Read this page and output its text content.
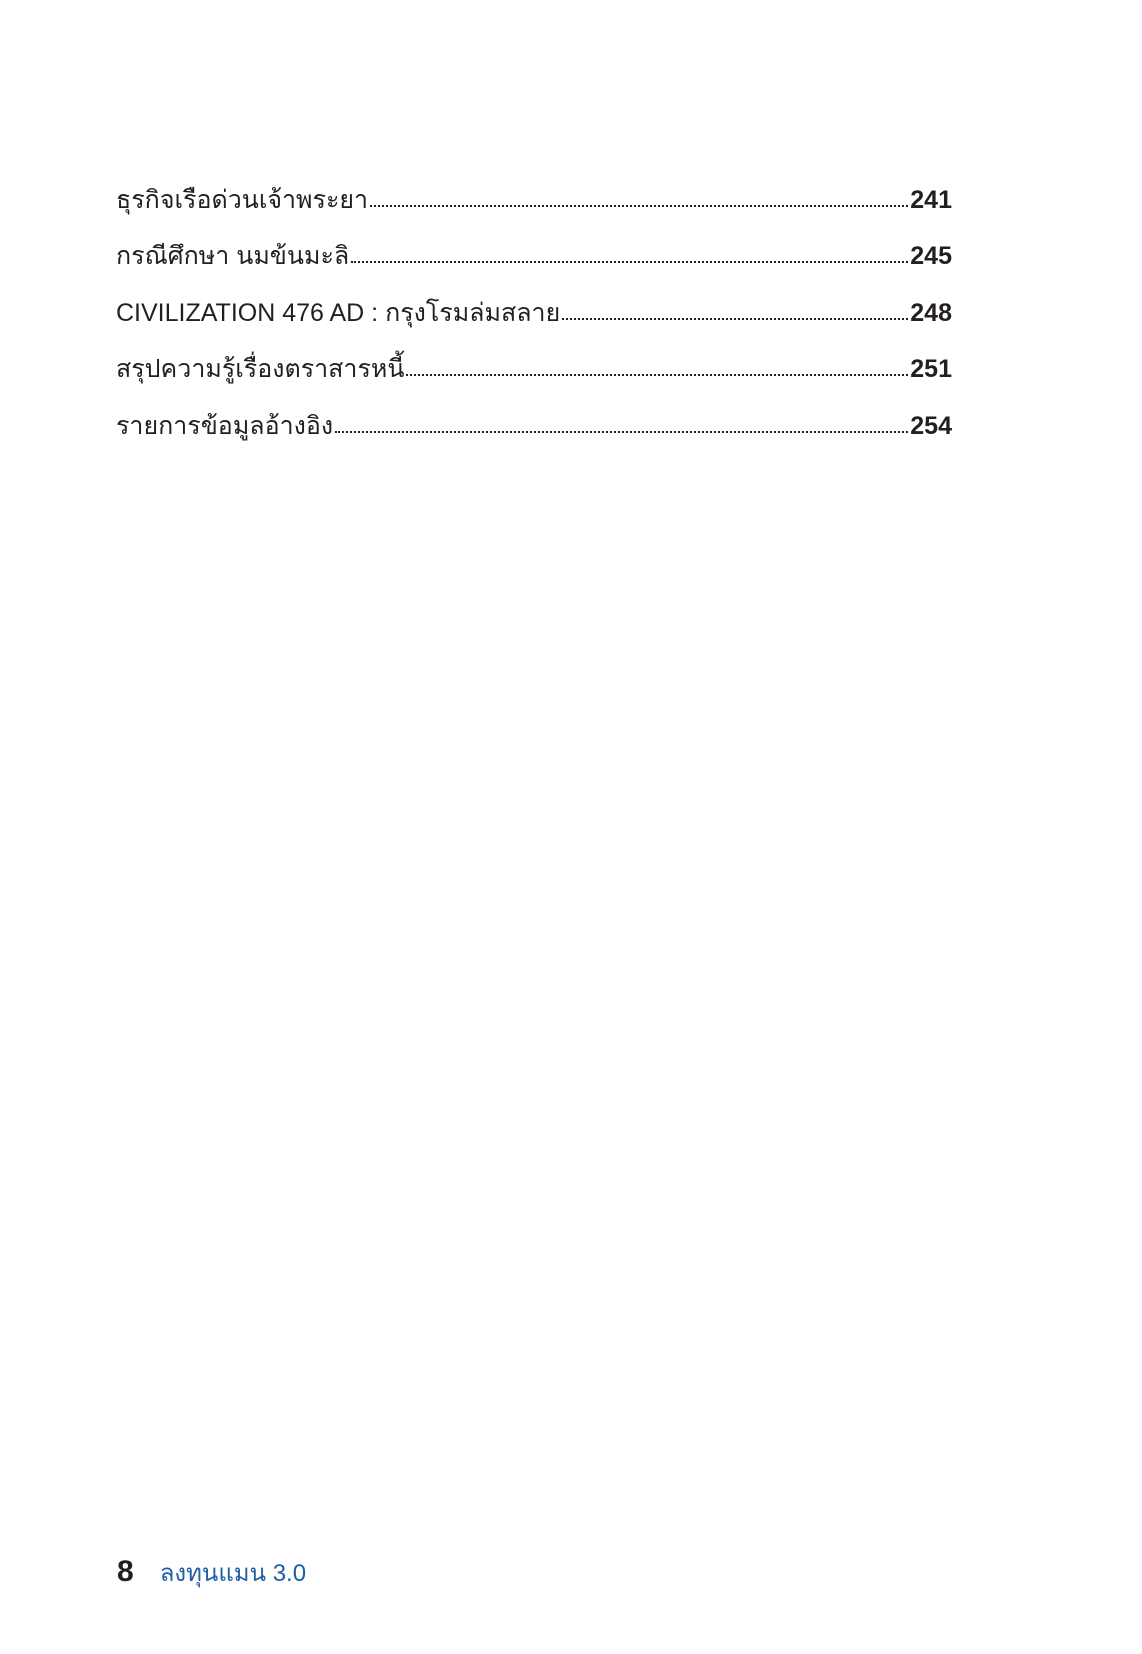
ธุรกิจเรือด่วนเจ้าพระยา	241
กรณีศึกษา นมข้นมะลิ	245
CIVILIZATION 476 AD : กรุงโรมล่มสลาย	248
สรุปความรู้เรื่องตราสารหนี้	251
รายการข้อมูลอ้างอิง	254
8 ลงทุนแมน 3.0
